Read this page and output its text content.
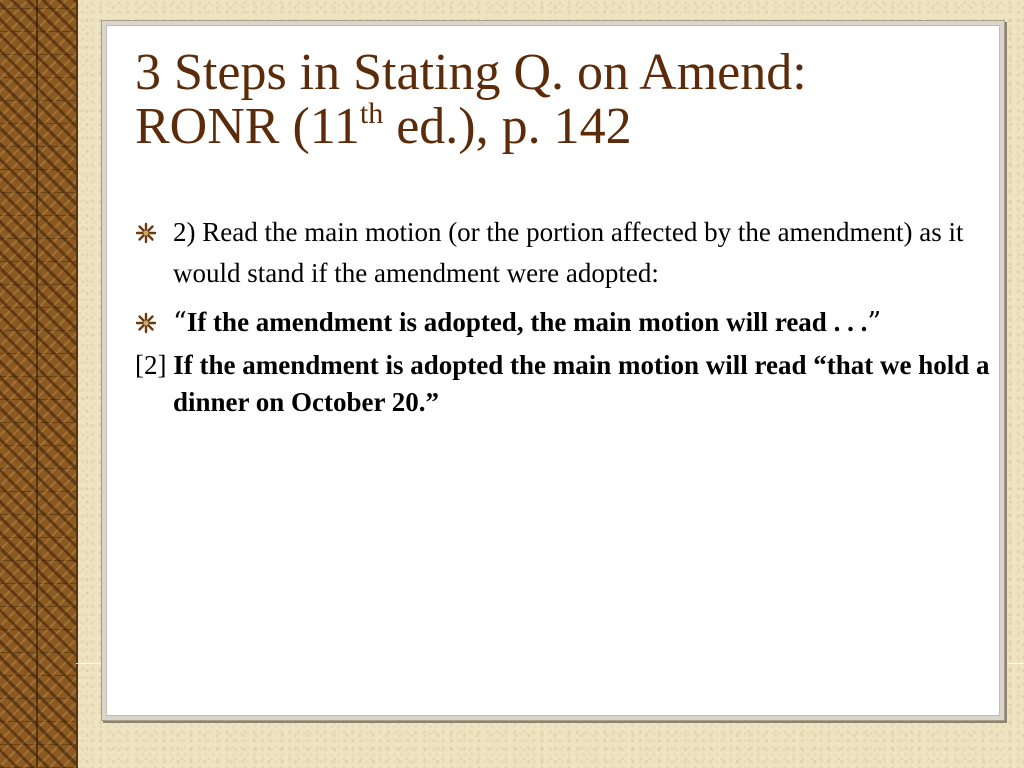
3 Steps in Stating Q. on Amend:
RONR (11th ed.), p. 142
2) Read the main motion (or the portion affected by the amendment) as it would stand if the amendment were adopted:
“If the amendment is adopted, the main motion will read . . .”
[2] If the amendment is adopted the main motion will read “that we hold a dinner on October 20.”
